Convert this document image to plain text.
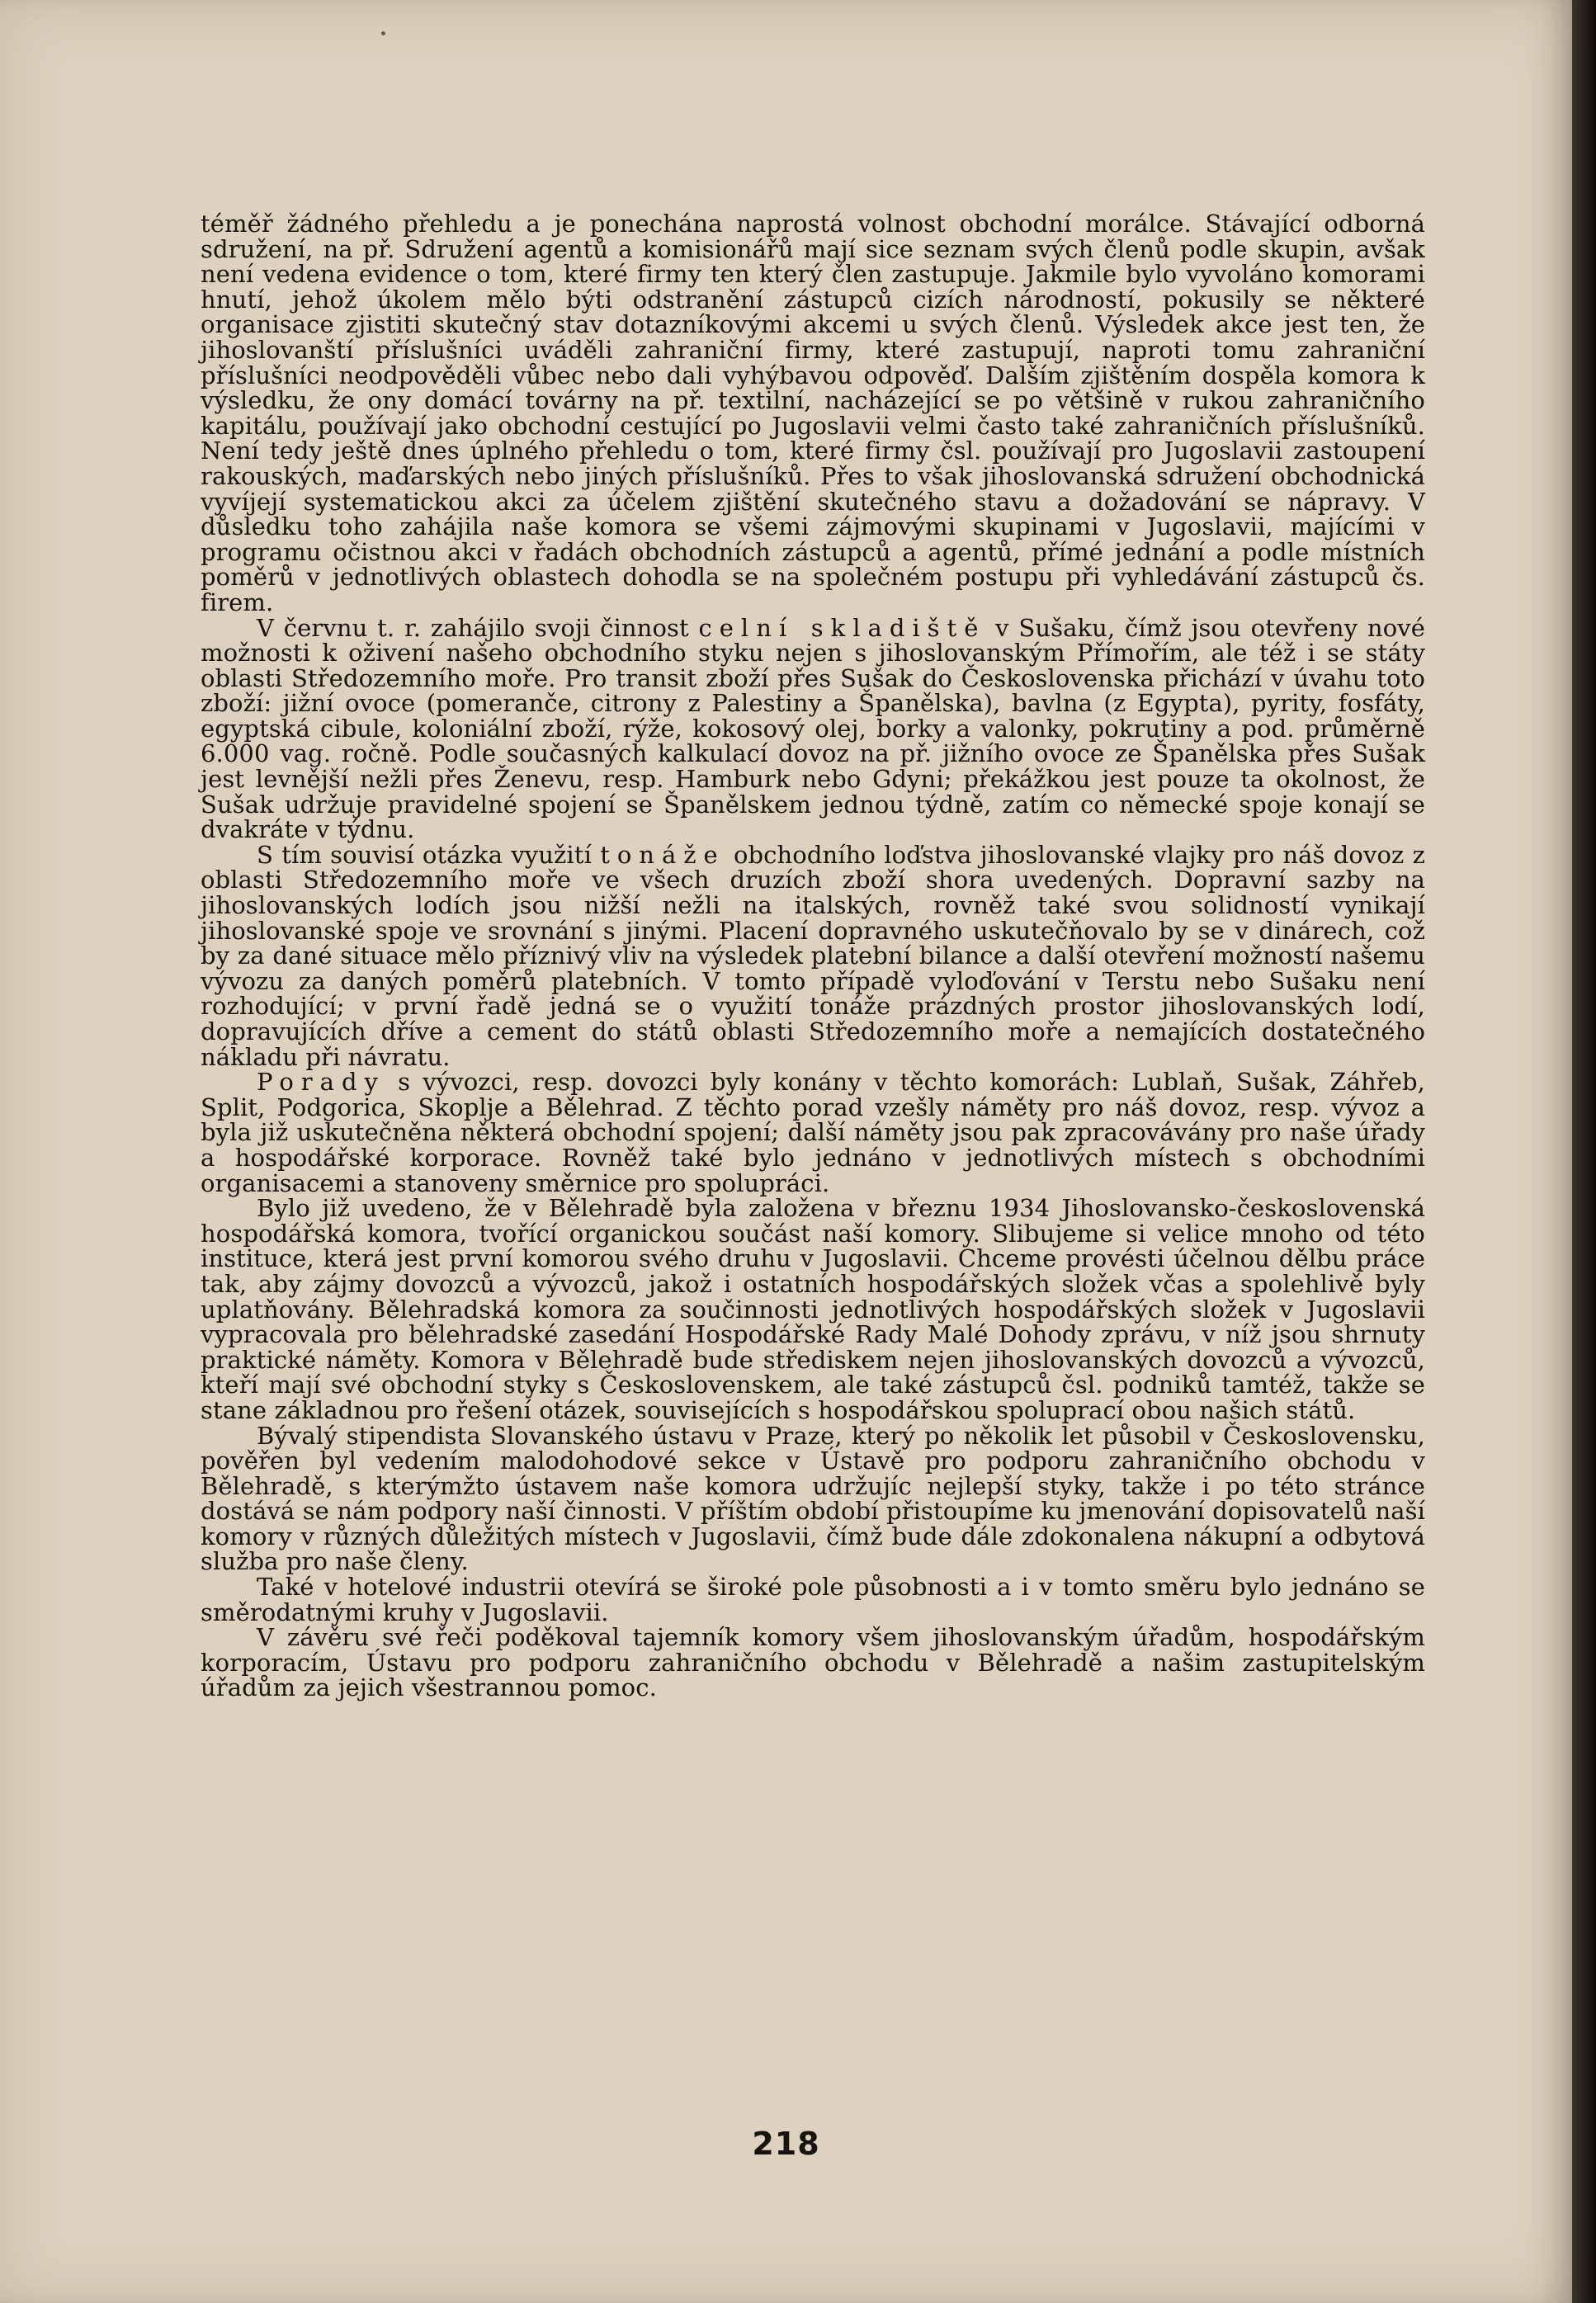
téměř žádného přehledu a je ponechána naprostá volnost obchodní morálce. Stávající odborná sdružení, na př. Sdružení agentů a komisionářů mají sice seznam svých členů podle skupin, avšak není vedena evidence o tom, které firmy ten který člen zastupuje. Jakmile bylo vyvoláno komorami hnutí, jehož úkolem mělo býti odstranění zástupců cizích národností, pokusily se některé organisace zjistiti skutečný stav dotazníkovými akcemi u svých členů. Výsledek akce jest ten, že jihoslovanští příslušníci uváděli zahraniční firmy, které zastupují, naproti tomu zahraniční příslušníci neodpověděli vůbec nebo dali vyhýbavou odpověď. Dalším zjištěním dospěla komora k výsledku, že ony domácí továrny na př. textilní, nacházející se po většině v rukou zahraničního kapitálu, používají jako obchodní cestující po Jugoslavii velmi často také zahraničních příslušníků. Není tedy ještě dnes úplného přehledu o tom, které firmy čsl. používají pro Jugoslavii zastoupení rakouských, maďarských nebo jiných příslušníků. Přes to však jihoslovanská sdružení obchodnická vyvíjejí systematickou akci za účelem zjištění skutečného stavu a dožadování se nápravy. V důsledku toho zahájila naše komora se všemi zájmovými skupinami v Jugoslavii, majícími v programu očistnou akci v řadách obchodních zástupců a agentů, přímé jednání a podle místních poměrů v jednotlivých oblastech dohodla se na společném postupu při vyhledávání zástupců čs. firem.

V červnu t. r. zahájilo svoji činnost celní skladiště v Sušaku, čímž jsou otevřeny nové možnosti k oživení našeho obchodního styku nejen s jihoslovanským Přímořím, ale též i se státy oblasti Středozemního moře. Pro transit zboží přes Sušak do Československa přichází v úvahu toto zboží: jižní ovoce (pomeranče, citrony z Palestiny a Španělska), bavlna (z Egypta), pyrity, fosfáty, egyptská cibule, koloniální zboží, rýže, kokosový olej, borky a valonky, pokrutiny a pod. průměrně 6.000 vag. ročně. Podle současných kalkulací dovoz na př. jižního ovoce ze Španělska přes Sušak jest levnější nežli přes Ženevu, resp. Hamburk nebo Gdyni; překážkou jest pouze ta okolnost, že Sušak udržuje pravidelné spojení se Španělskem jednou týdně, zatím co německé spoje konají se dvakráte v týdnu.

S tím souvisí otázka využití tonáže obchodního loďstva jihoslovanské vlajky pro náš dovoz z oblasti Středozemního moře ve všech druzích zboží shora uvedených. Dopravní sazby na jihoslovanských lodích jsou nižší nežli na italských, rovněž také svou solidností vynikají jihoslovanské spoje ve srovnání s jinými. Placení dopravného uskutečňovalo by se v dinárech, což by za dané situace mělo příznivý vliv na výsledek platební bilance a další otevření možností našemu vývozu za daných poměrů platebních. V tomto případě vyloďování v Terstu nebo Sušaku není rozhodující; v první řadě jedná se o využití tonáže prázdných prostor jihoslovanských lodí, dopravujících dříve a cement do států oblasti Středozemního moře a nemajících dostatečného nákladu při návratu.

Porady s vývozci, resp. dovozci byly konány v těchto komorách: Lublaň, Sušak, Záhřeb, Split, Podgorica, Skoplje a Bělehrad. Z těchto porad vzešly náměty pro náš dovoz, resp. vývoz a byla již uskutečněna některá obchodní spojení; další náměty jsou pak zpracovávány pro naše úřady a hospodářské korporace. Rovněž také bylo jednáno v jednotlivých místech s obchodními organisacemi a stanoveny směrnice pro spolupráci.

Bylo již uvedeno, že v Bělehradě byla založena v březnu 1934 Jihoslovansko-československá hospodářská komora, tvořící organickou součást naší komory. Slibujeme si velice mnoho od této instituce, která jest první komorou svého druhu v Jugoslavii. Chceme provésti účelnou dělbu práce tak, aby zájmy dovozců a vývozců, jakož i ostatních hospodářských složek včas a spolehlivě byly uplatňovány. Bělehradská komora za součinnosti jednotlivých hospodářských složek v Jugoslavii vypracovala pro bělehradské zasedání Hospodářské Rady Malé Dohody zprávu, v níž jsou shrnuty praktické náměty. Komora v Bělehradě bude střediskem nejen jihoslovanských dovozců a vývozců, kteří mají své obchodní styky s Československem, ale také zástupců čsl. podniků tamtéž, takže se stane základnou pro řešení otázek, souvisejících s hospodářskou spoluprací obou našich států.

Bývalý stipendista Slovanského ústavu v Praze, který po několik let působil v Československu, pověřen byl vedením malodohodové sekce v Ústavě pro podporu zahraničního obchodu v Bělehradě, s kterýmžto ústavem naše komora udržujíc nejlepší styky, takže i po této stránce dostává se nám podpory naší činnosti. V příštím období přistoupíme ku jmenování dopisovatelů naší komory v různých důležitých místech v Jugoslavii, čímž bude dále zdokonalena nákupní a odbytová služba pro naše členy.

Také v hotelové industrii otevírá se široké pole působnosti a i v tomto směru bylo jednáno se směrodatnými kruhy v Jugoslavii.

V závěru své řeči poděkoval tajemník komory všem jihoslovanským úřadům, hospodářským korporacím, Ústavu pro podporu zahraničního obchodu v Bělehradě a našim zastupitelským úřadům za jejich všestrannou pomoc.

218
